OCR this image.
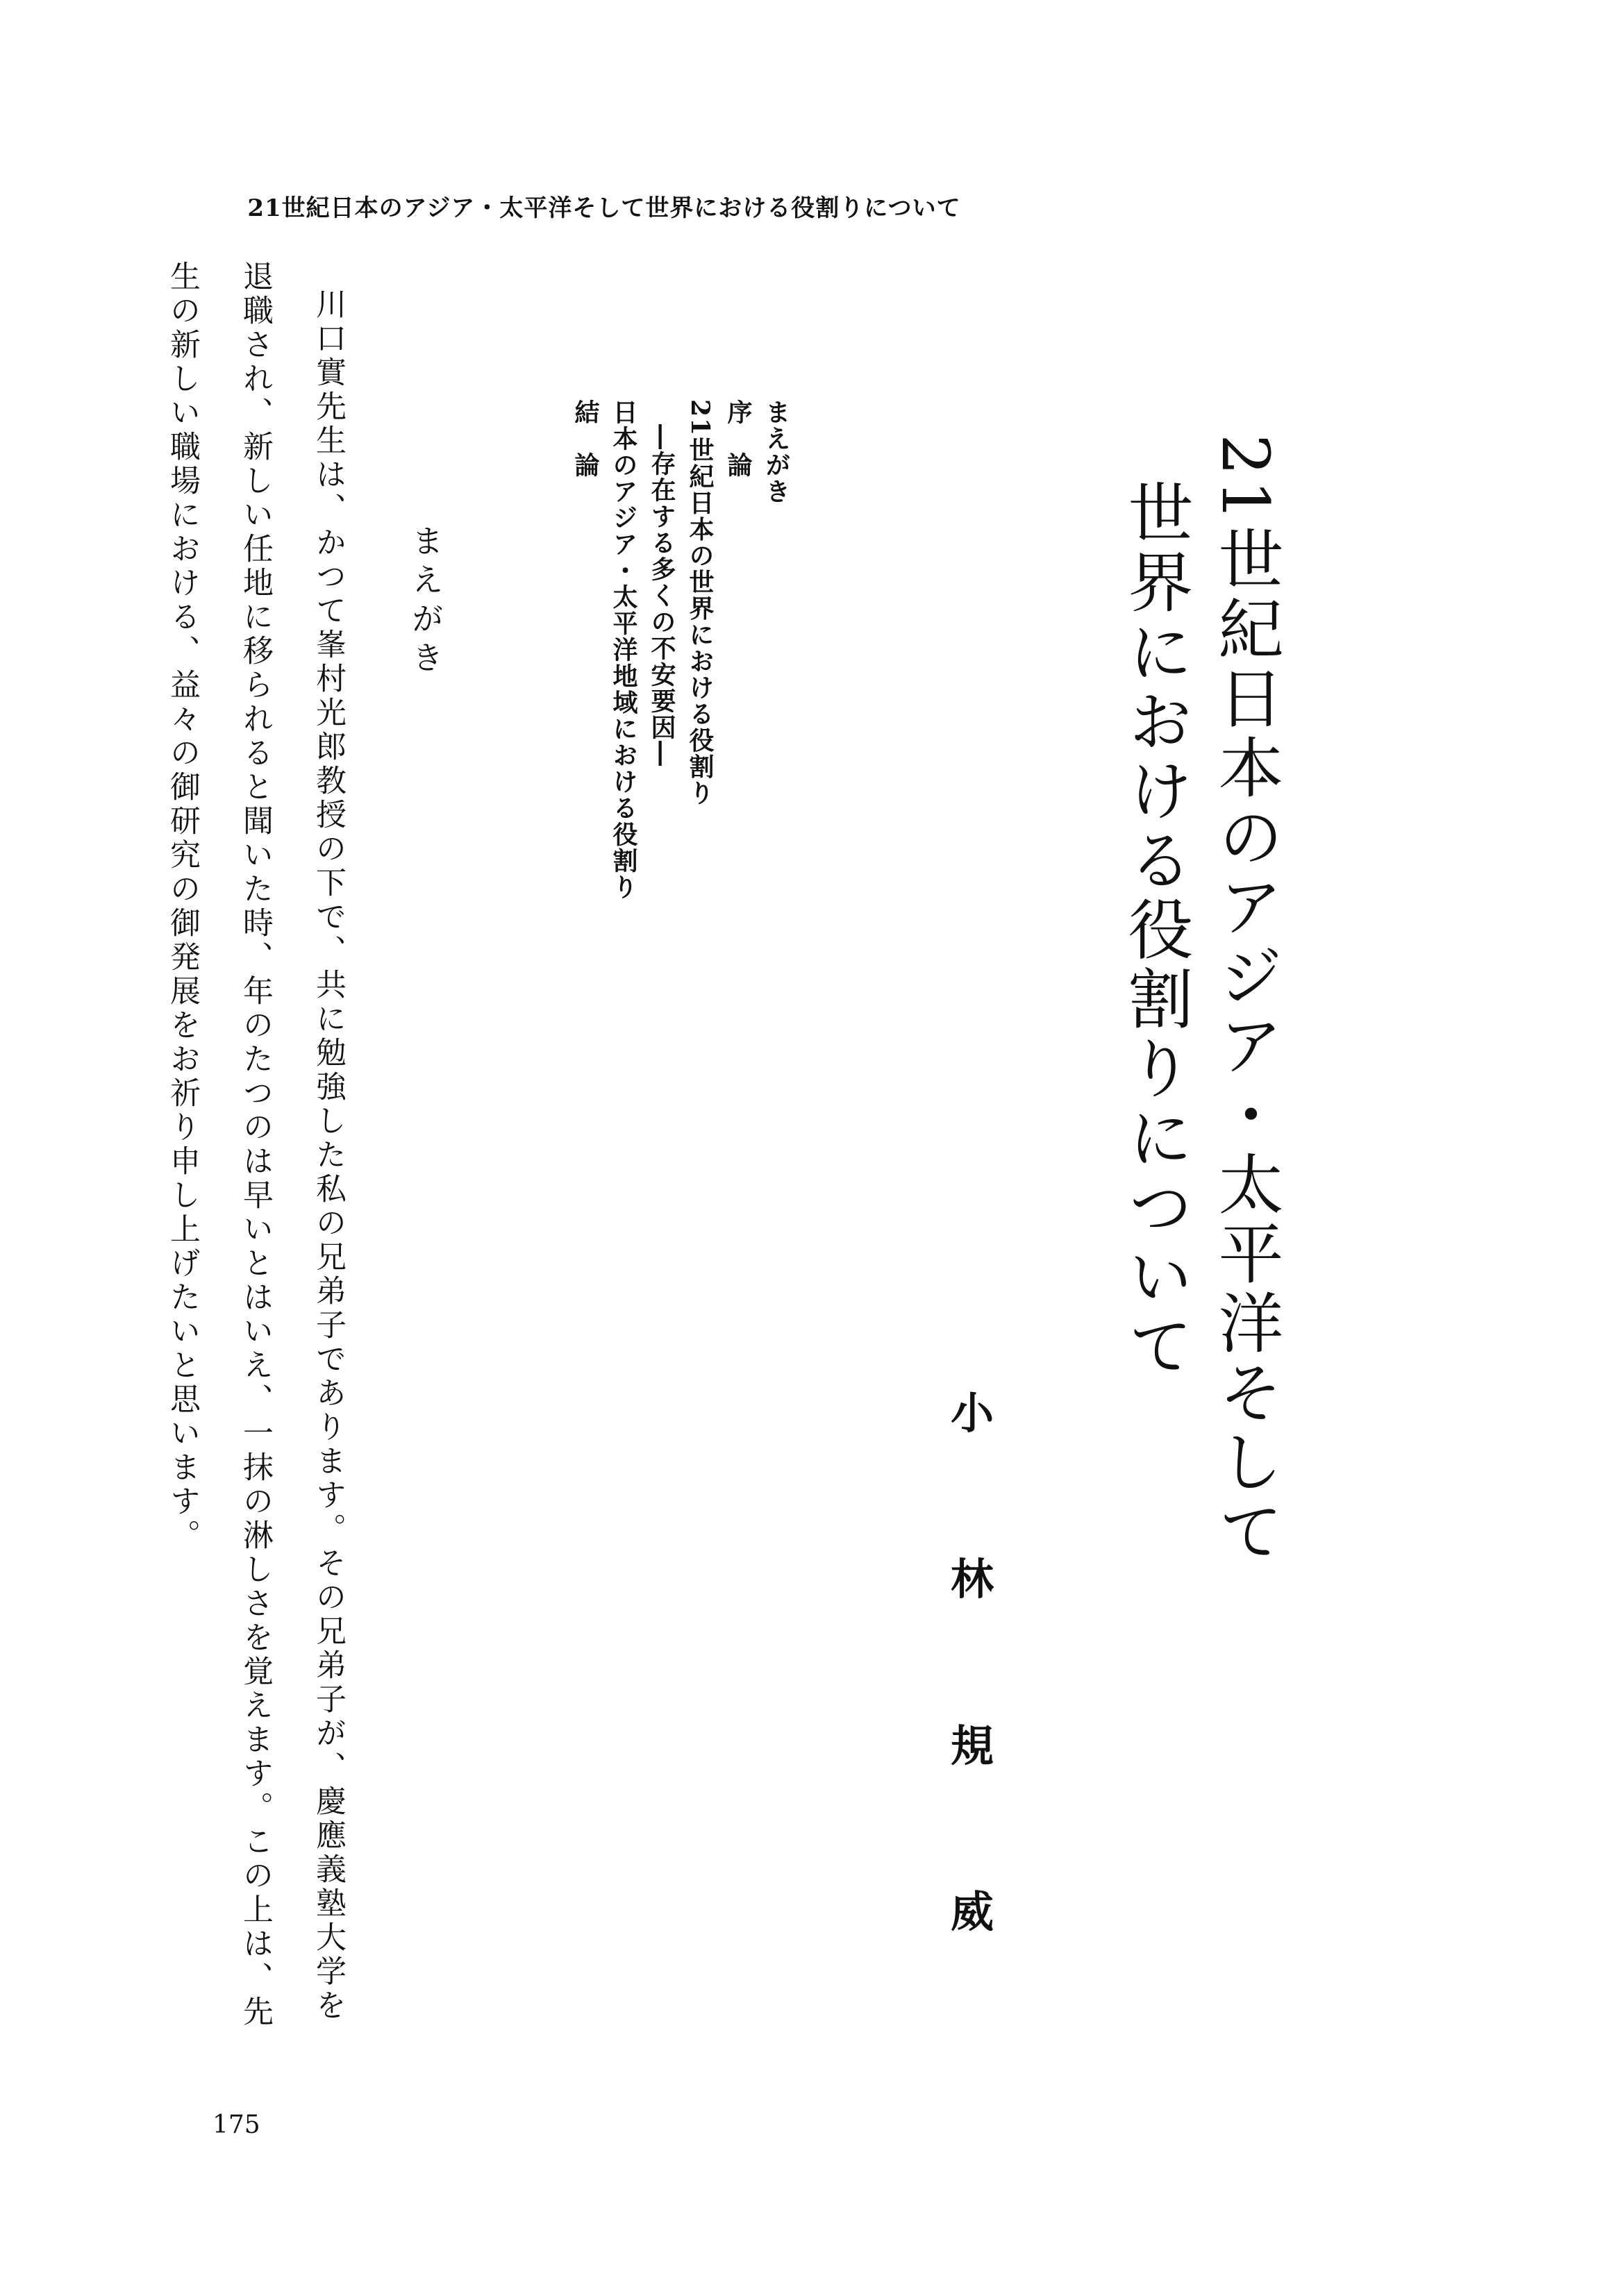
21世紀日本のアジア・太平洋そして世界における役割りについて
21世紀日本のアジア・太平洋そして
世界における役割りについて
小
林
規
威
まえがき
序　論
21世紀日本の世界における役割り
―存在する多くの不安要因―
日本のアジア・太平洋地域における役割り
結　論
まえがき
川口實先生は、かつて峯村光郎教授の下で、共に勉強した私の兄弟子であります。その兄弟子が、慶應義塾大学を
退職され、新しい任地に移られると聞いた時、年のたつのは早いとはいえ、一抹の淋しさを覚えます。この上は、先
生の新しい職場における、益々の御研究の御発展をお祈り申し上げたいと思います。
175
